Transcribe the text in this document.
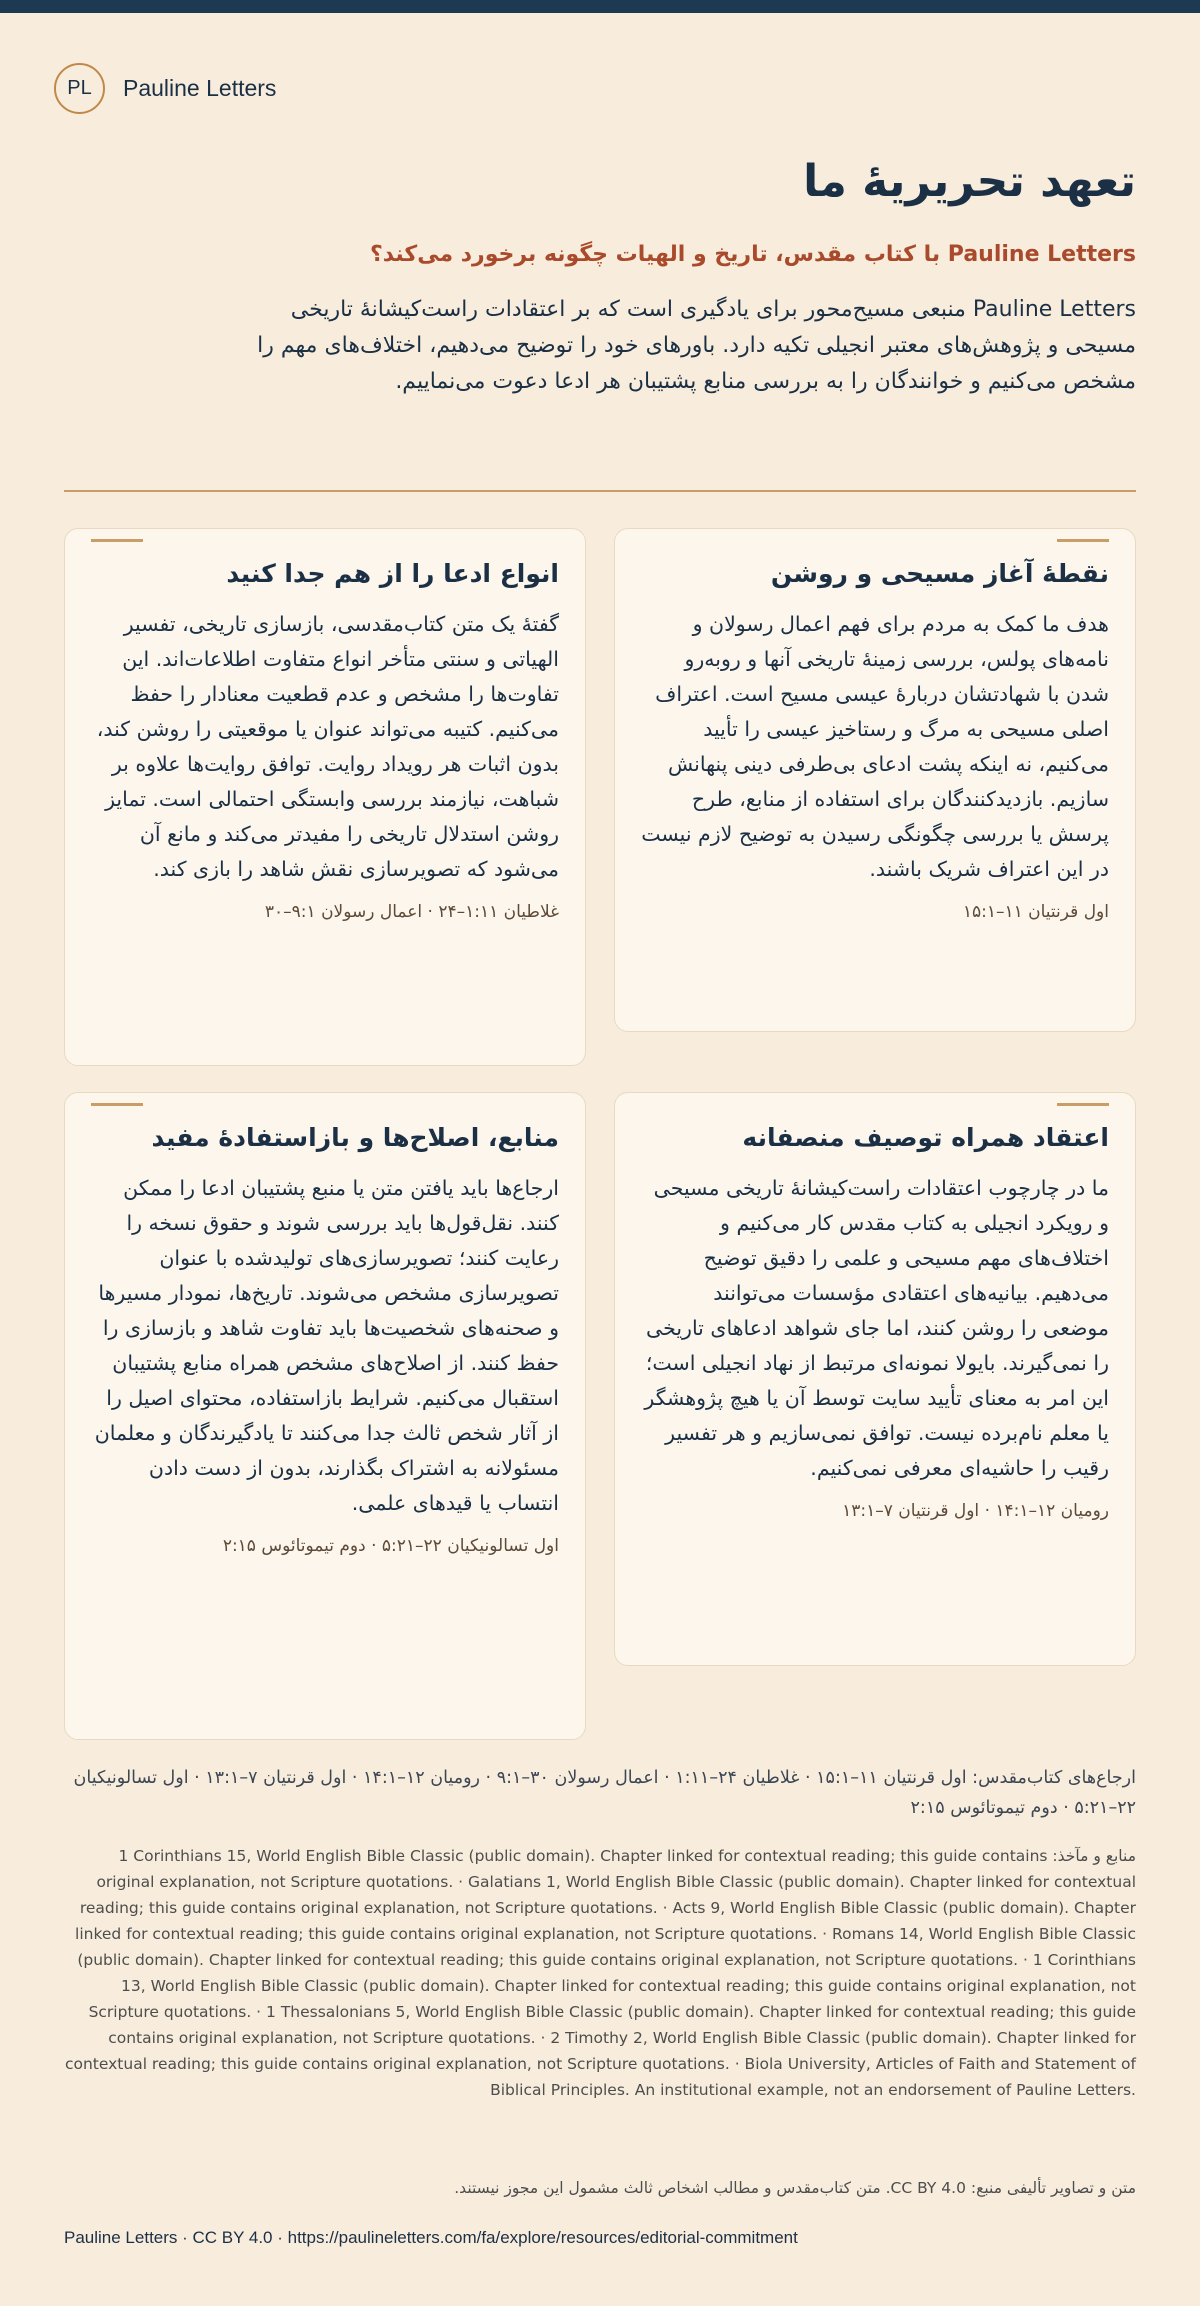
PL	Pauline Letters
تعهد تحریریهٔ ما
Pauline Letters با کتاب مقدس، تاریخ و الهیات چگونه برخورد می‌کند؟

Pauline Letters منبعی مسیح‌محور برای یادگیری است که بر اعتقادات راست‌کیشانهٔ تاریخی مسیحی و پژوهش‌های معتبر انجیلی تکیه دارد. باورهای خود را توضیح می‌دهیم، اختلاف‌های مهم را مشخص می‌کنیم و خوانندگان را به بررسی منابع پشتیبان هر ادعا دعوت می‌نماییم.

نقطهٔ آغاز مسیحی و روشن

هدف ما کمک به مردم برای فهم اعمال رسولان و نامه‌های پولس، بررسی زمینهٔ تاریخی آنها و روبه‌رو شدن با شهادتشان دربارهٔ عیسی مسیح است. اعتراف اصلی مسیحی به مرگ و رستاخیز عیسی را تأیید می‌کنیم، نه اینکه پشت ادعای بی‌طرفی دینی پنهانش سازیم. بازدیدکنندگان برای استفاده از منابع، طرح پرسش یا بررسی چگونگی رسیدن به توضیح لازم نیست در این اعتراف شریک باشند.

اول قرنتیان ۱۱–۱۵:۱

انواع ادعا را از هم جدا کنید

گفتهٔ یک متن کتاب‌مقدسی، بازسازی تاریخی، تفسیر الهیاتی و سنتی متأخر انواع متفاوت اطلاعات‌اند. این تفاوت‌ها را مشخص و عدم قطعیت معنادار را حفظ می‌کنیم. کتیبه می‌تواند عنوان یا موقعیتی را روشن کند، بدون اثبات هر رویداد روایت. توافق روایت‌ها علاوه بر شباهت، نیازمند بررسی وابستگی احتمالی است. تمایز روشن استدلال تاریخی را مفیدتر می‌کند و مانع آن می‌شود که تصویرسازی نقش شاهد را بازی کند.

غلاطیان ۱:۱۱–۲۴ · اعمال رسولان ۹:۱–۳۰

اعتقاد همراه توصیف منصفانه

ما در چارچوب اعتقادات راست‌کیشانهٔ تاریخی مسیحی و رویکرد انجیلی به کتاب مقدس کار می‌کنیم و اختلاف‌های مهم مسیحی و علمی را دقیق توضیح می‌دهیم. بیانیه‌های اعتقادی مؤسسات می‌توانند موضعی را روشن کنند، اما جای شواهد ادعاهای تاریخی را نمی‌گیرند. بایولا نمونه‌ای مرتبط از نهاد انجیلی است؛ این امر به معنای تأیید سایت توسط آن یا هیچ پژوهشگر یا معلم نام‌برده نیست. توافق نمی‌سازیم و هر تفسیر رقیب را حاشیه‌ای معرفی نمی‌کنیم.

رومیان ۱۲–۱۴:۱ · اول قرنتیان ۷–۱۳:۱

منابع، اصلاح‌ها و بازاستفادهٔ مفید

ارجاع‌ها باید یافتن متن یا منبع پشتیبان ادعا را ممکن کنند. نقل‌قول‌ها باید بررسی شوند و حقوق نسخه را رعایت کنند؛ تصویرسازی‌های تولیدشده با عنوان تصویرسازی مشخص می‌شوند. تاریخ‌ها، نمودار مسیرها و صحنه‌های شخصیت‌ها باید تفاوت شاهد و بازسازی را حفظ کنند. از اصلاح‌های مشخص همراه منابع پشتیبان استقبال می‌کنیم. شرایط بازاستفاده، محتوای اصیل را از آثار شخص ثالث جدا می‌کنند تا یادگیرندگان و معلمان مسئولانه به اشتراک بگذارند، بدون از دست دادن انتساب یا قیدهای علمی.

اول تسالونیکیان ۲۲–۵:۲۱ · دوم تیموتائوس ۲:۱۵

ارجاع‌های کتاب‌مقدس: اول قرنتیان ۱۱–۱۵:۱ · غلاطیان ۲۴–۱:۱۱ · اعمال رسولان ۳۰–۹:۱ · رومیان ۱۲–۱۴:۱ · اول قرنتیان ۷–۱۳:۱ · اول تسالونیکیان ۲۲–۵:۲۱ · دوم تیموتائوس ۲:۱۵

منابع و مآخذ: 1 Corinthians 15, World English Bible Classic (public domain). Chapter linked for contextual reading; this guide contains original explanation, not Scripture quotations. · Galatians 1, World English Bible Classic (public domain). Chapter linked for contextual reading; this guide contains original explanation, not Scripture quotations. · Acts 9, World English Bible Classic (public domain). Chapter linked for contextual reading; this guide contains original explanation, not Scripture quotations. · Romans 14, World English Bible Classic (public domain). Chapter linked for contextual reading; this guide contains original explanation, not Scripture quotations. · 1 Corinthians 13, World English Bible Classic (public domain). Chapter linked for contextual reading; this guide contains original explanation, not Scripture quotations. · 1 Thessalonians 5, World English Bible Classic (public domain). Chapter linked for contextual reading; this guide contains original explanation, not Scripture quotations. · 2 Timothy 2, World English Bible Classic (public domain). Chapter linked for contextual reading; this guide contains original explanation, not Scripture quotations. · Biola University, Articles of Faith and Statement of Biblical Principles. An institutional example, not an endorsement of Pauline Letters.

متن و تصاویر تألیفی منبع: CC BY 4.0. متن کتاب‌مقدس و مطالب اشخاص ثالث مشمول این مجوز نیستند.

Pauline Letters · CC BY 4.0 · https://paulineletters.com/fa/explore/resources/editorial-commitment
